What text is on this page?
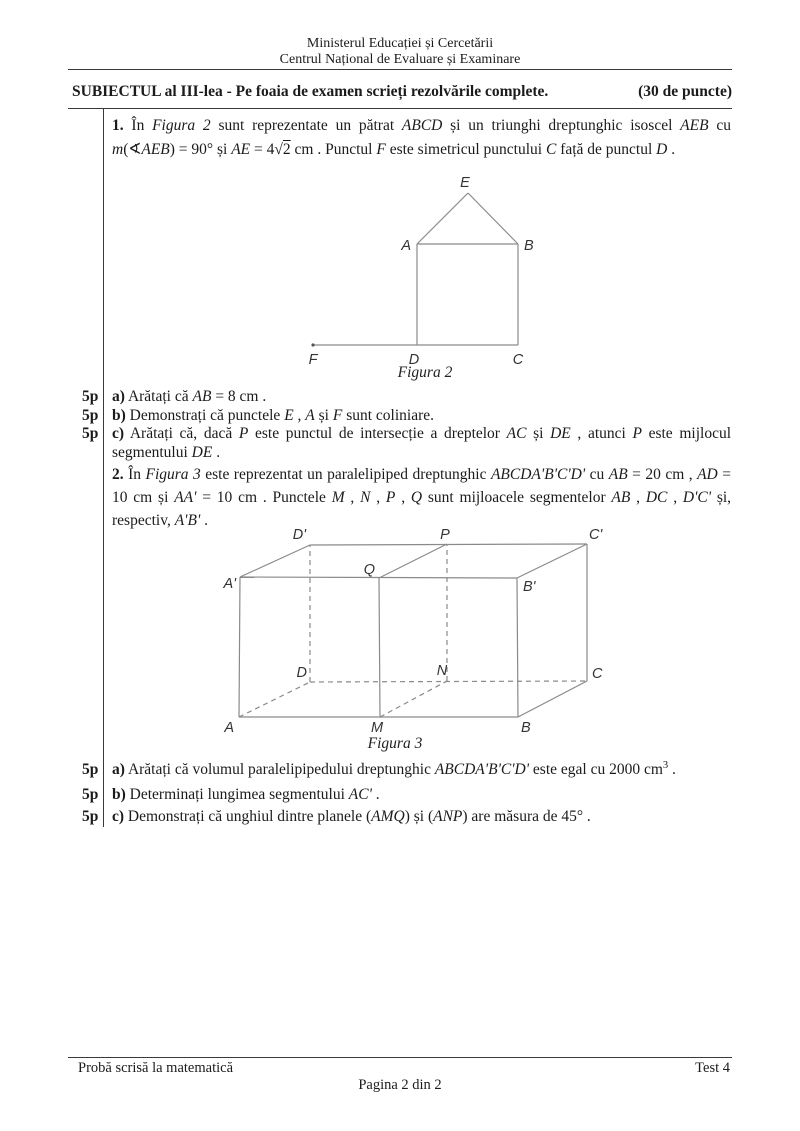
Ministerul Educației și Cercetării
Centrul Național de Evaluare și Examinare
SUBIECTUL al III-lea - Pe foaia de examen scrieți rezolvările complete.	(30 de puncte)
1. În Figura 2 sunt reprezentate un pătrat ABCD și un triunghi dreptunghic isoscel AEB cu m(∢AEB) = 90° și AE = 4√2 cm . Punctul F este simetricul punctului C față de punctul D .
E
A	B
F	D	C
Figura 2
5p a) Arătați că AB = 8 cm .
5p b) Demonstrați că punctele E , A și F sunt coliniare.
5p c) Arătați că, dacă P este punctul de intersecție a dreptelor AC și DE , atunci P este mijlocul segmentului DE .
2. În Figura 3 este reprezentat un paralelipiped dreptunghic ABCDA'B'C'D' cu AB = 20 cm , AD = 10 cm și AA' = 10 cm . Punctele M , N , P , Q sunt mijloacele segmentelor AB , DC , D'C' și, respectiv, A'B' .
D'	P	C'
A'
Q
B'
D	N	C
A	M	B
Figura 3
5p a) Arătați că volumul paralelipipedului dreptunghic ABCDA'B'C'D' este egal cu 2000 $cm^3$ .
5p b) Determinați lungimea segmentului AC' .
5p c) Demonstrați că unghiul dintre planele (AMQ) și (ANP) are măsura de 45° .
Probă scrisă la matematică	Test 4
Pagina 2 din 2
